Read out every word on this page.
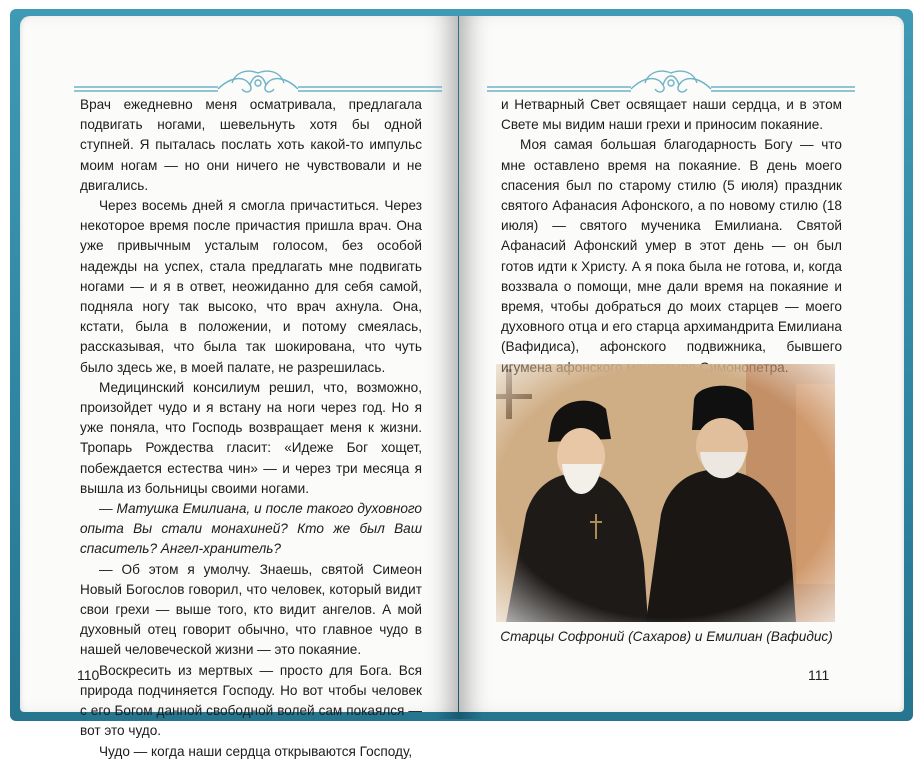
Врач ежедневно меня осматривала, предлагала подвигать ногами, шевельнуть хотя бы одной ступней. Я пыталась послать хоть какой-то импульс моим ногам — но они ничего не чувствовали и не двигались.

Через восемь дней я смогла причаститься. Через некоторое время после причастия пришла врач. Она уже привычным усталым голосом, без особой надежды на успех, стала предлагать мне подвигать ногами — и я в ответ, неожиданно для себя самой, подняла ногу так высоко, что врач ахнула. Она, кстати, была в положении, и потому смеялась, рассказывая, что была так шокирована, что чуть было здесь же, в моей палате, не разрешилась.

Медицинский консилиум решил, что, возможно, произойдет чудо и я встану на ноги через год. Но я уже поняла, что Господь возвращает меня к жизни. Тропарь Рождества гласит: «Идеже Бог хощет, побеждается естества чин» — и через три месяца я вышла из больницы своими ногами.

— Матушка Емилиана, и после такого духовного опыта Вы стали монахиней? Кто же был Ваш спаситель? Ангел-хранитель?

— Об этом я умолчу. Знаешь, святой Симеон Новый Богослов говорил, что человек, который видит свои грехи — выше того, кто видит ангелов. А мой духовный отец говорит обычно, что главное чудо в нашей человеческой жизни — это покаяние.

Воскресить из мертвых — просто для Бога. Вся природа подчиняется Господу. Но вот чтобы человек с его Богом данной свободной волей сам покаялся — вот это чудо.

Чудо — когда наши сердца открываются Господу,

110

и Нетварный Свет освящает наши сердца, и в этом Свете мы видим наши грехи и приносим покаяние.

Моя самая большая благодарность Богу — что мне оставлено время на покаяние. В день моего спасения был по старому стилю (5 июля) праздник святого Афанасия Афонского, а по новому стилю (18 июля) — святого мученика Емилиана. Святой Афанасий Афонский умер в этот день — он был готов идти к Христу. А я пока была не готова, и, когда воззвала о помощи, мне дали время на покаяние и время, чтобы добраться до моих старцев — моего духовного отца и его старца архимандрита Емилиана (Вафидиса), афонского подвижника, бывшего

Старцы Софроний (Сахаров) и Емилиан (Вафидис)
111
